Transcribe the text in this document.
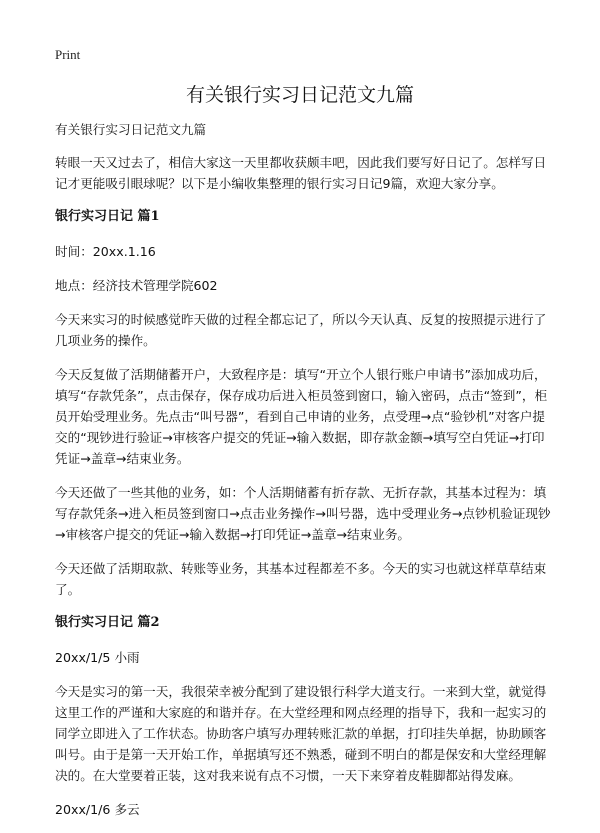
Print
有关银行实习日记范文九篇

有关银行实习日记范文九篇

转眼一天又过去了，相信大家这一天里都收获颇丰吧，因此我们要写好日记了。怎样写日记才更能吸引眼球呢？以下是小编收集整理的银行实习日记9篇，欢迎大家分享。

银行实习日记 篇1

时间：20xx.1.16

地点：经济技术管理学院602

今天来实习的时候感觉昨天做的过程全都忘记了，所以今天认真、反复的按照提示进行了几项业务的操作。

今天反复做了活期储蓄开户，大致程序是：填写“开立个人银行账户申请书”添加成功后，填写“存款凭条”，点击保存，保存成功后进入柜员签到窗口，输入密码，点击“签到”，柜员开始受理业务。先点击“叫号器”，看到自己申请的业务，点受理→点“验钞机”对客户提交的“现钞进行验证→审核客户提交的凭证→输入数据，即存款金额→填写空白凭证→打印凭证→盖章→结束业务。

今天还做了一些其他的业务，如：个人活期储蓄有折存款、无折存款，其基本过程为：填写存款凭条→进入柜员签到窗口→点击业务操作→叫号器，选中受理业务→点钞机验证现钞→审核客户提交的凭证→输入数据→打印凭证→盖章→结束业务。

今天还做了活期取款、转账等业务，其基本过程都差不多。今天的实习也就这样草草结束了。

银行实习日记 篇2

20xx/1/5 小雨

今天是实习的第一天，我很荣幸被分配到了建设银行科学大道支行。一来到大堂，就觉得这里工作的严谨和大家庭的和谐并存。在大堂经理和网点经理的指导下，我和一起实习的同学立即进入了工作状态。协助客户填写办理转账汇款的单据，打印挂失单据，协助顾客叫号。由于是第一天开始工作，单据填写还不熟悉，碰到不明白的都是保安和大堂经理解决的。在大堂要着正装，这对我来说有点不习惯，一天下来穿着皮鞋脚都站得发麻。

20xx/1/6 多云
